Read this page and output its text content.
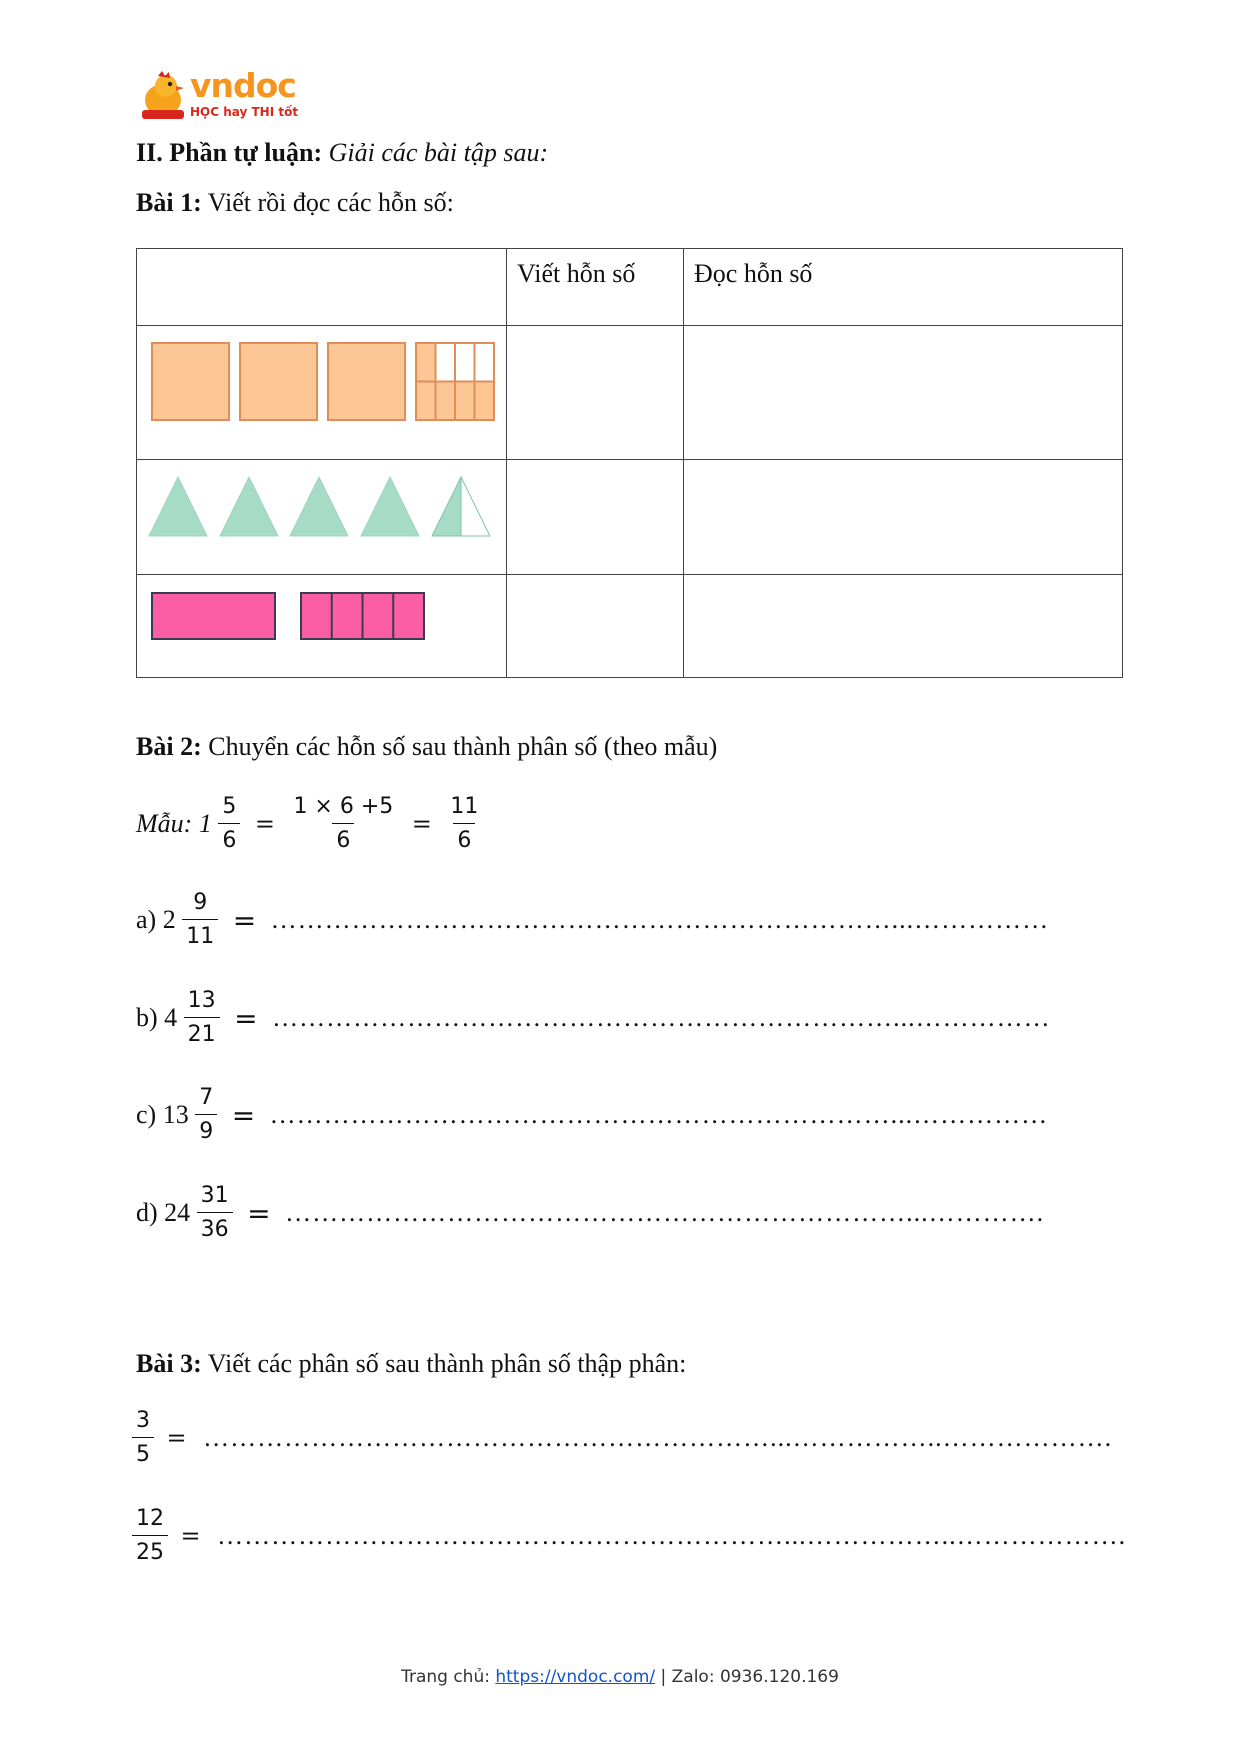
vndoc
HỌC hay THI tốt
II. Phần tự luận: Giải các bài tập sau:
Bài 1: Viết rồi đọc các hỗn số:
	Viết hỗn số	Đọc hỗn số

Bài 2: Chuyển các hỗn số sau thành phân số (theo mẫu)
Mẫu: $1 \frac{5}{6} = \frac{1 \times 6 +5}{6} = \frac{11}{6}$
a) $2 \frac{9}{11}$ = ……………………………………………………………...……………
b) $4 \frac{13}{21}$ = ……………………………………………………………...……………
c) $13 \frac{7}{9}$ = ……………………………………………………………...……………
d) $24 \frac{31}{36}$ = ……………………………………………………………...………….
Bài 3: Viết các phân số sau thành phân số thập phân:
$\frac{3}{5}$ = ………………………………………………………...……………..……………….
$\frac{12}{25}$ = ………………………………………………………...……………..……………….
Trang chủ: https://vndoc.com/ | Zalo: 0936.120.169
